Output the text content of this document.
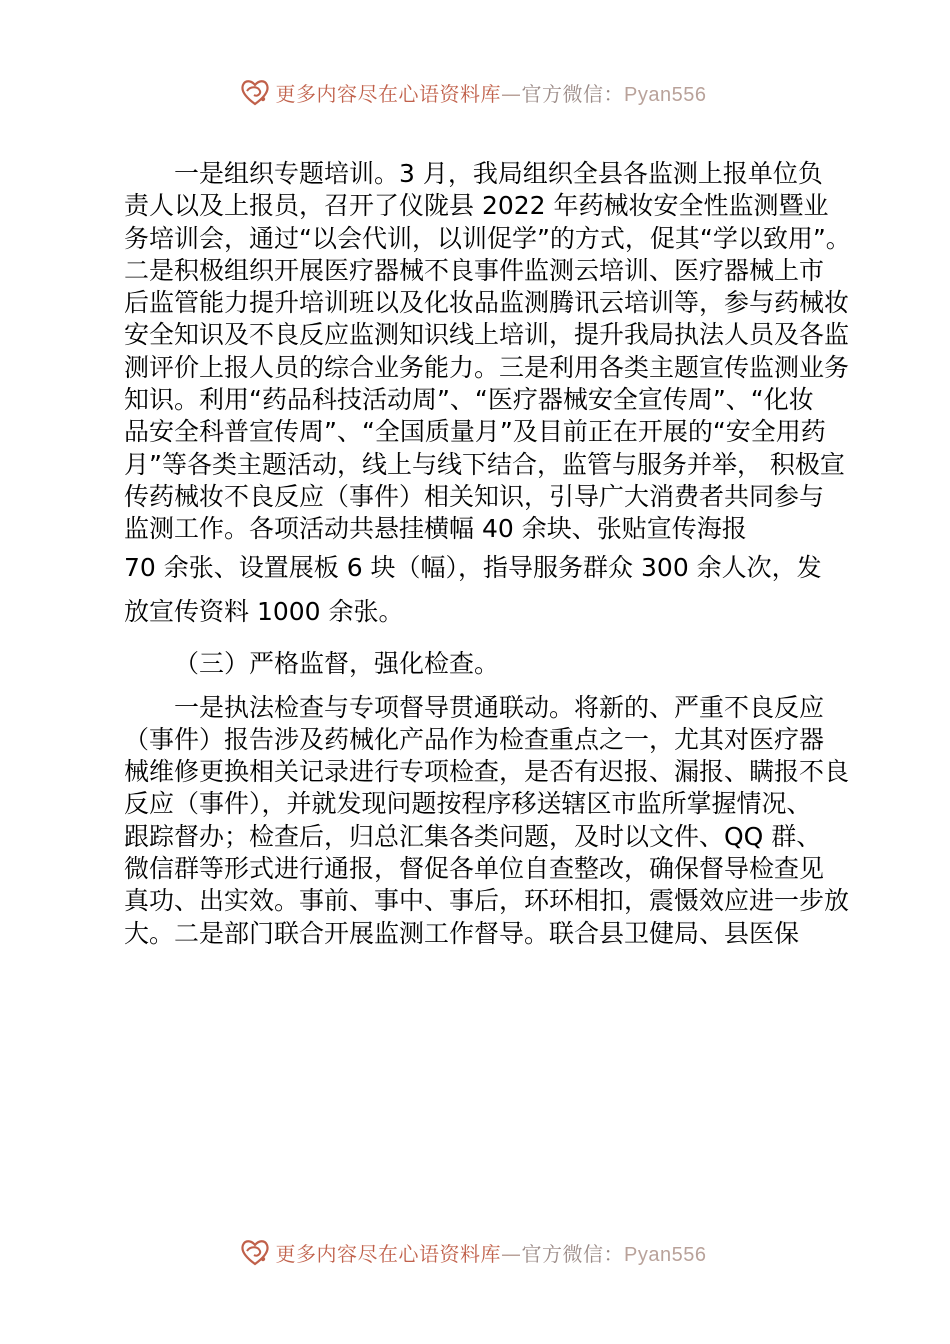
更多内容尽在心语资料库—官方微信：Pyan556

一是组织专题培训。3 月，我局组织全县各监测上报单位负
责人以及上报员，召开了仪陇县 2022 年药械妆安全性监测暨业
务培训会，通过“以会代训，以训促学”的方式，促其“学以致用”。
二是积极组织开展医疗器械不良事件监测云培训、医疗器械上市
后监管能力提升培训班以及化妆品监测腾讯云培训等，参与药械妆
安全知识及不良反应监测知识线上培训，提升我局执法人员及各监
测评价上报人员的综合业务能力。三是利用各类主题宣传监测业务
知识。利用“药品科技活动周”、“医疗器械安全宣传周”、“化妆
品安全科普宣传周”、“全国质量月”及目前正在开展的“安全用药
月”等各类主题活动，线上与线下结合，监管与服务并举， 积极宣
传药械妆不良反应（事件）相关知识，引导广大消费者共同参与
监测工作。各项活动共悬挂横幅 40 余块、张贴宣传海报
70 余张、设置展板 6 块（幅），指导服务群众 300 余人次，发
放宣传资料 1000 余张。

（三）严格监督，强化检查。

一是执法检查与专项督导贯通联动。将新的、严重不良反应
（事件）报告涉及药械化产品作为检查重点之一，尤其对医疗器
械维修更换相关记录进行专项检查，是否有迟报、漏报、瞒报不良
反应（事件），并就发现问题按程序移送辖区市监所掌握情况、
跟踪督办；检查后，归总汇集各类问题，及时以文件、QQ 群、
微信群等形式进行通报，督促各单位自查整改，确保督导检查见
真功、出实效。事前、事中、事后，环环相扣，震慑效应进一步放
大。二是部门联合开展监测工作督导。联合县卫健局、县医保

更多内容尽在心语资料库—官方微信：Pyan556
